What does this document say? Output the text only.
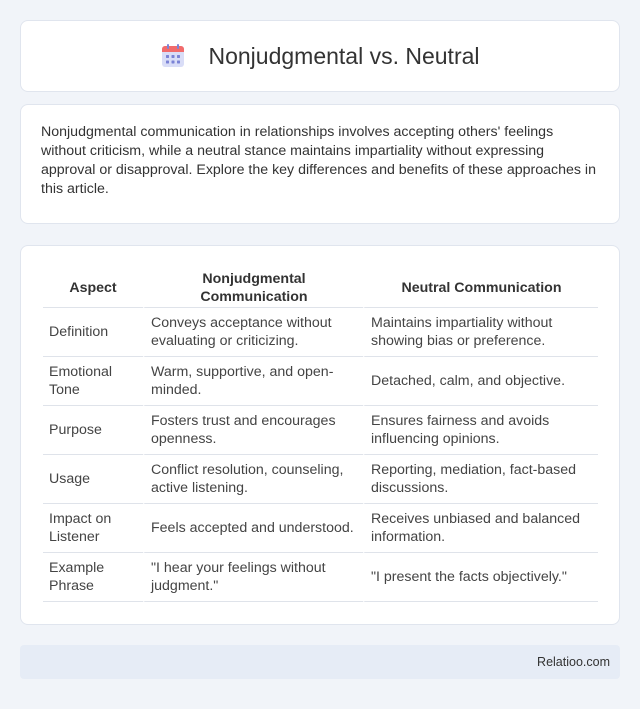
Nonjudgmental vs. Neutral

Nonjudgmental communication in relationships involves accepting others' feelings without criticism, while a neutral stance maintains impartiality without expressing approval or disapproval. Explore the key differences and benefits of these approaches in this article.

Aspect	Nonjudgmental Communication	Neutral Communication
Definition	Conveys acceptance without evaluating or criticizing.	Maintains impartiality without showing bias or preference.
Emotional Tone	Warm, supportive, and open-minded.	Detached, calm, and objective.
Purpose	Fosters trust and encourages openness.	Ensures fairness and avoids influencing opinions.
Usage	Conflict resolution, counseling, active listening.	Reporting, mediation, fact-based discussions.
Impact on Listener	Feels accepted and understood.	Receives unbiased and balanced information.
Example Phrase	"I hear your feelings without judgment."	"I present the facts objectively."
Relatioo.com
